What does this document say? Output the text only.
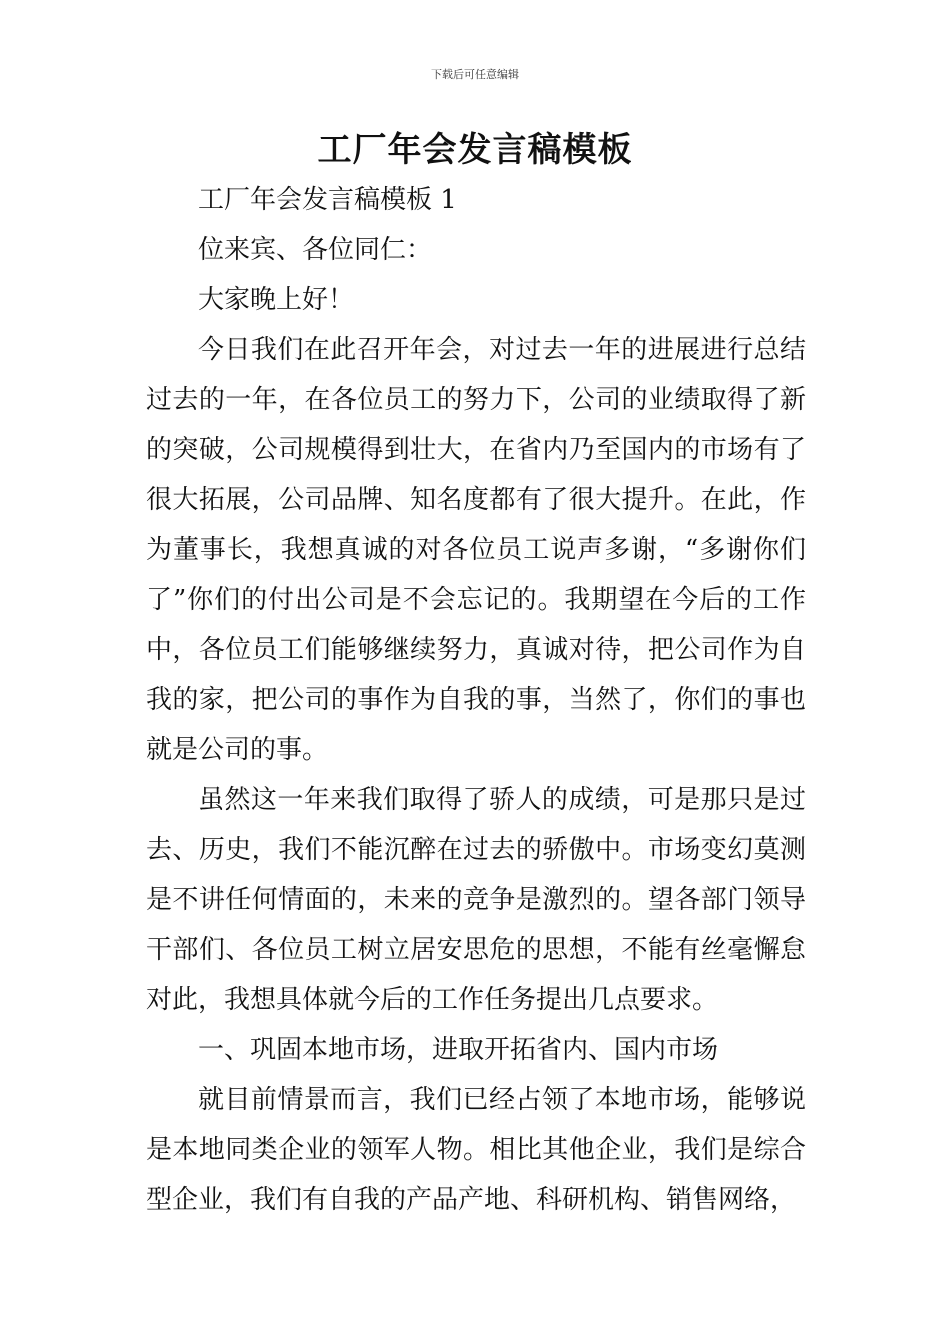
下载后可任意编辑
工厂年会发言稿模板

工厂年会发言稿模板 1

位来宾、各位同仁：

大家晚上好！

今日我们在此召开年会，对过去一年的进展进行总结过去的一年，在各位员工的努力下，公司的业绩取得了新的突破，公司规模得到壮大，在省内乃至国内的市场有了很大拓展，公司品牌、知名度都有了很大提升。在此，作为董事长，我想真诚的对各位员工说声多谢，“多谢你们了”你们的付出公司是不会忘记的。我期望在今后的工作中，各位员工们能够继续努力，真诚对待，把公司作为自我的家，把公司的事作为自我的事，当然了，你们的事也就是公司的事。

虽然这一年来我们取得了骄人的成绩，可是那只是过去、历史，我们不能沉醉在过去的骄傲中。市场变幻莫测是不讲任何情面的，未来的竞争是激烈的。望各部门领导干部们、各位员工树立居安思危的思想，不能有丝毫懈怠对此，我想具体就今后的工作任务提出几点要求。

一、巩固本地市场，进取开拓省内、国内市场

就目前情景而言，我们已经占领了本地市场，能够说是本地同类企业的领军人物。相比其他企业，我们是综合型企业，我们有自我的产品产地、科研机构、销售网络，
